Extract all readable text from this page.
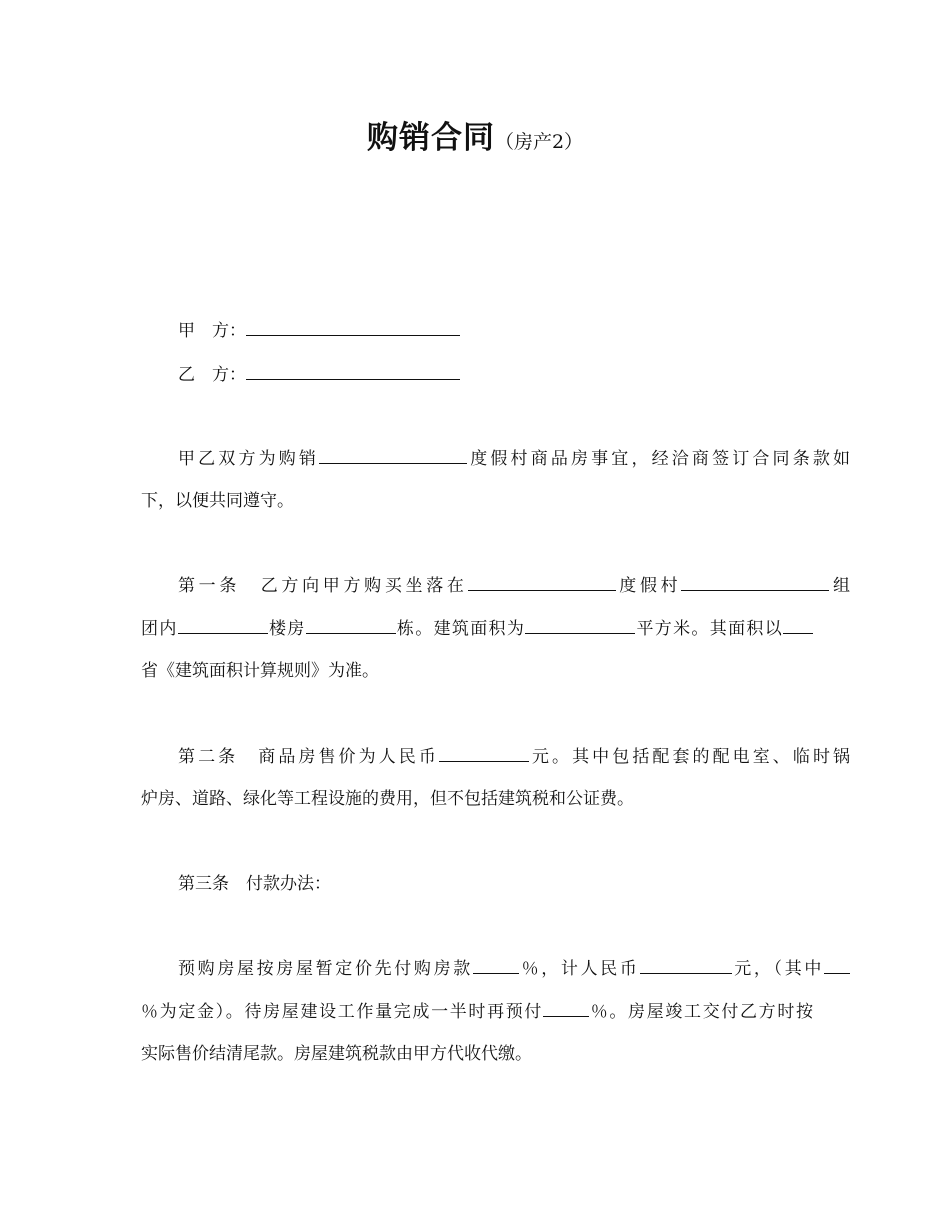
购销合同（房产2）
甲　方：
乙　方：
甲乙双方为购销	度假村商品房事宜，经洽商签订合同条款如
下，以便共同遵守。
第一条　乙方向甲方购买坐落在	度假村	组
团内	楼房	栋。建筑面积为	平方米。其面积以
省《建筑面积计算规则》为准。
第二条　商品房售价为人民币	元。其中包括配套的配电室、临时锅
炉房、道路、绿化等工程设施的费用，但不包括建筑税和公证费。
第三条　付款办法：
预购房屋按房屋暂定价先付购房款	％，计人民币	元，（其中
％为定金）。待房屋建设工作量完成一半时再预付	％。房屋竣工交付乙方时按
实际售价结清尾款。房屋建筑税款由甲方代收代缴。
